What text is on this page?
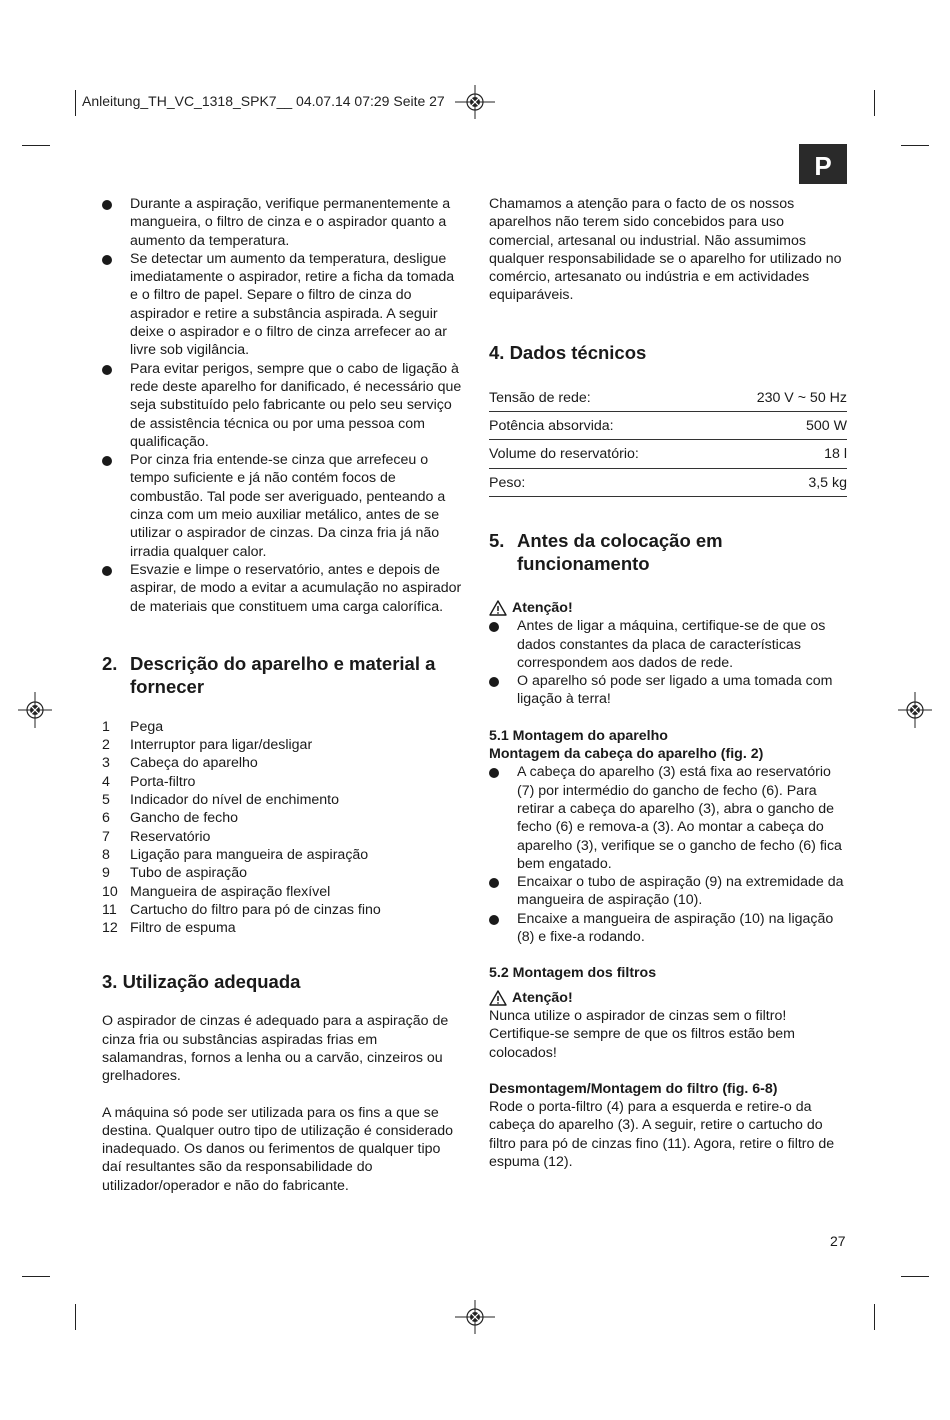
Anleitung_TH_VC_1318_SPK7__ 04.07.14 07:29 Seite 27
P

Durante a aspiração, verifique permanentemente a mangueira, o filtro de cinza e o aspirador quanto a aumento da temperatura.

Se detectar um aumento da temperatura, desligue imediatamente o aspirador, retire a ficha da tomada e o filtro de papel. Separe o filtro de cinza do aspirador e retire a substância aspirada. A seguir deixe o aspirador e o filtro de cinza arrefecer ao ar livre sob vigilância.

Para evitar perigos, sempre que o cabo de ligação à rede deste aparelho for danificado, é necessário que seja substituído pelo fabricante ou pelo seu serviço de assistência técnica ou por uma pessoa com qualificação.

Por cinza fria entende-se cinza que arrefeceu o tempo suficiente e já não contém focos de combustão. Tal pode ser averiguado, penteando a cinza com um meio auxiliar metálico, antes de se utilizar o aspirador de cinzas. Da cinza fria já não irradia qualquer calor.

Esvazie e limpe o reservatório, antes e depois de aspirar, de modo a evitar a acumulação no aspirador de materiais que constituem uma carga calorífica.

2. Descrição do aparelho e material a fornecer
1 Pega
2 Interruptor para ligar/desligar
3 Cabeça do aparelho
4 Porta-filtro
5 Indicador do nível de enchimento
6 Gancho de fecho
7 Reservatório
8 Ligação para mangueira de aspiração
9 Tubo de aspiração
10 Mangueira de aspiração flexível
11 Cartucho do filtro para pó de cinzas fino
12 Filtro de espuma
3. Utilização adequada

O aspirador de cinzas é adequado para a aspiração de cinza fria ou substâncias aspiradas frias em salamandras, fornos a lenha ou a carvão, cinzeiros ou grelhadores.

A máquina só pode ser utilizada para os fins a que se destina. Qualquer outro tipo de utilização é considerado inadequado. Os danos ou ferimentos de qualquer tipo daí resultantes são da responsabilidade do utilizador/operador e não do fabricante.

Chamamos a atenção para o facto de os nossos aparelhos não terem sido concebidos para uso comercial, artesanal ou industrial. Não assumimos qualquer responsabilidade se o aparelho for utilizado no comércio, artesanato ou indústria e em actividades equiparáveis.

4. Dados técnicos
Tensão de rede:	230 V ~ 50 Hz
Potência absorvida:	500 W
Volume do reservatório:	18 l
Peso:	3,5 kg
5. Antes da colocação em funcionamento
Atenção!

Antes de ligar a máquina, certifique-se de que os dados constantes da placa de características correspondem aos dados de rede.

O aparelho só pode ser ligado a uma tomada com ligação à terra!

5.1 Montagem do aparelho

Montagem da cabeça do aparelho (fig. 2)

A cabeça do aparelho (3) está fixa ao reservatório (7) por intermédio do gancho de fecho (6). Para retirar a cabeça do aparelho (3), abra o gancho de fecho (6) e remova-a (3). Ao montar a cabeça do aparelho (3), verifique se o gancho de fecho (6) fica bem engatado.

Encaixar o tubo de aspiração (9) na extremidade da mangueira de aspiração (10).

Encaixe a mangueira de aspiração (10) na ligação (8) e fixe-a rodando.

5.2 Montagem dos filtros

Atenção!

Nunca utilize o aspirador de cinzas sem o filtro! Certifique-se sempre de que os filtros estão bem colocados!

Desmontagem/Montagem do filtro (fig. 6-8)

Rode o porta-filtro (4) para a esquerda e retire-o da cabeça do aparelho (3). A seguir, retire o cartucho do filtro para pó de cinzas fino (11). Agora, retire o filtro de espuma (12).

27
